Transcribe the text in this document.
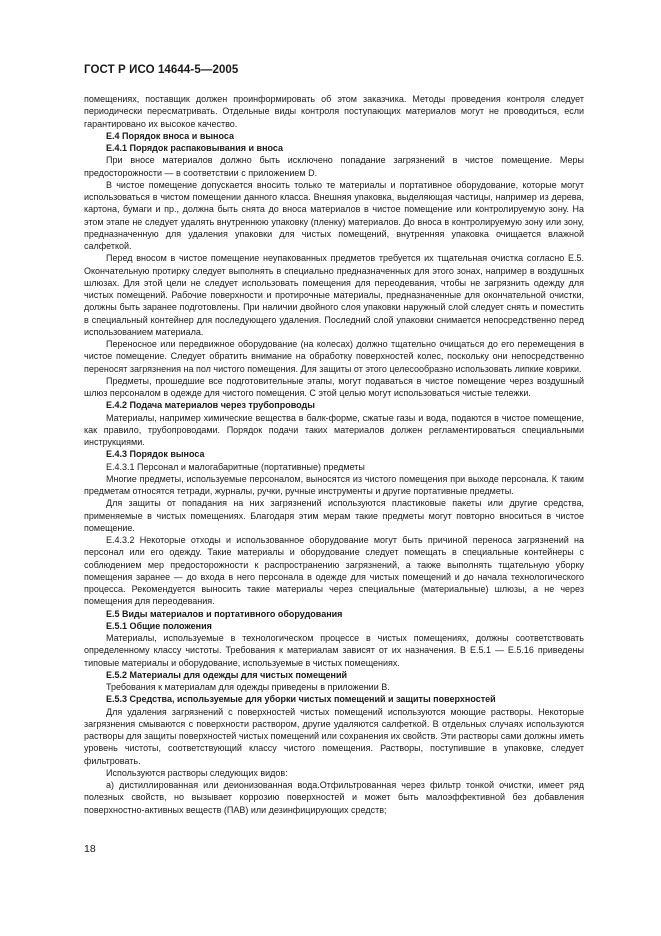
ГОСТ Р ИСО 14644-5—2005

помещениях, поставщик должен проинформировать об этом заказчика. Методы проведения контроля следует периодически пересматривать. Отдельные виды контроля поступающих материалов могут не проводиться, если гарантировано их высокое качество.

Е.4 Порядок вноса и выноса
Е.4.1 Порядок распаковывания и вноса

При вносе материалов должно быть исключено попадание загрязнений в чистое помещение. Меры предосторожности — в соответствии с приложением D.

В чистое помещение допускается вносить только те материалы и портативное оборудование, которые могут использоваться в чистом помещении данного класса. Внешняя упаковка, выделяющая частицы, например из дерева, картона, бумаги и пр., должна быть снята до вноса материалов в чистое помещение или контролируемую зону. На этом этапе не следует удалять внутреннюю упаковку (пленку) материалов. До вноса в контролируемую зону или зону, предназначенную для удаления упаковки для чистых помещений, внутренняя упаковка очищается влажной салфеткой.

Перед вносом в чистое помещение неупакованных предметов требуется их тщательная очистка согласно Е.5. Окончательную протирку следует выполнять в специально предназначенных для этого зонах, например в воздушных шлюзах. Для этой цели не следует использовать помещения для переодевания, чтобы не загрязнить одежду для чистых помещений. Рабочие поверхности и протирочные материалы, предназначенные для окончательной очистки, должны быть заранее подготовлены. При наличии двойного слоя упаковки наружный слой следует снять и поместить в специальный контейнер для последующего удаления. Последний слой упаковки снимается непосредственно перед использованием материала.

Переносное или передвижное оборудование (на колесах) должно тщательно очищаться до его перемещения в чистое помещение. Следует обратить внимание на обработку поверхностей колес, поскольку они непосредственно переносят загрязнения на пол чистого помещения. Для защиты от этого целесообразно использовать липкие коврики.

Предметы, прошедшие все подготовительные этапы, могут подаваться в чистое помещение через воздушный шлюз персоналом в одежде для чистого помещения. С этой целью могут использоваться чистые тележки.

Е.4.2 Подача материалов через трубопроводы

Материалы, например химические вещества в балк-форме, сжатые газы и вода, подаются в чистое помещение, как правило, трубопроводами. Порядок подачи таких материалов должен регламентироваться специальными инструкциями.

Е.4.3 Порядок выноса

Е.4.3.1 Персонал и малогабаритные (портативные) предметы

Многие предметы, используемые персоналом, выносятся из чистого помещения при выходе персонала. К таким предметам относятся тетради, журналы, ручки, ручные инструменты и другие портативные предметы.

Для защиты от попадания на них загрязнений используются пластиковые пакеты или другие средства, применяемые в чистых помещениях. Благодаря этим мерам такие предметы могут повторно вноситься в чистое помещение.

Е.4.3.2 Некоторые отходы и использованное оборудование могут быть причиной переноса загрязнений на персонал или его одежду. Такие материалы и оборудование следует помещать в специальные контейнеры с соблюдением мер предосторожности к распространению загрязнений, а также выполнять тщательную уборку помещения заранее — до входа в него персонала в одежде для чистых помещений и до начала технологического процесса. Рекомендуется выносить такие материалы через специальные (материальные) шлюзы, а не через помещения для переодевания.

Е.5 Виды материалов и портативного оборудования
Е.5.1 Общие положения

Материалы, используемые в технологическом процессе в чистых помещениях, должны соответствовать определенному классу чистоты. Требования к материалам зависят от их назначения. В Е.5.1 — Е.5.16 приведены типовые материалы и оборудование, используемые в чистых помещениях.

Е.5.2 Материалы для одежды для чистых помещений

Требования к материалам для одежды приведены в приложении В.

Е.5.3 Средства, используемые для уборки чистых помещений и защиты поверхностей

Для удаления загрязнений с поверхностей чистых помещений используются моющие растворы. Некоторые загрязнения смываются с поверхности раствором, другие удаляются салфеткой. В отдельных случаях используются растворы для защиты поверхностей чистых помещений или сохранения их свойств. Эти растворы сами должны иметь уровень чистоты, соответствующий классу чистого помещения. Растворы, поступившие в упаковке, следует фильтровать.

Используются растворы следующих видов:

а) дистиллированная или деионизованная вода.Отфильтрованная через фильтр тонкой очистки, имеет ряд полезных свойств, но вызывает коррозию поверхностей и может быть малоэффективной без добавления поверхностно-активных веществ (ПАВ) или дезинфицирующих средств;

18
